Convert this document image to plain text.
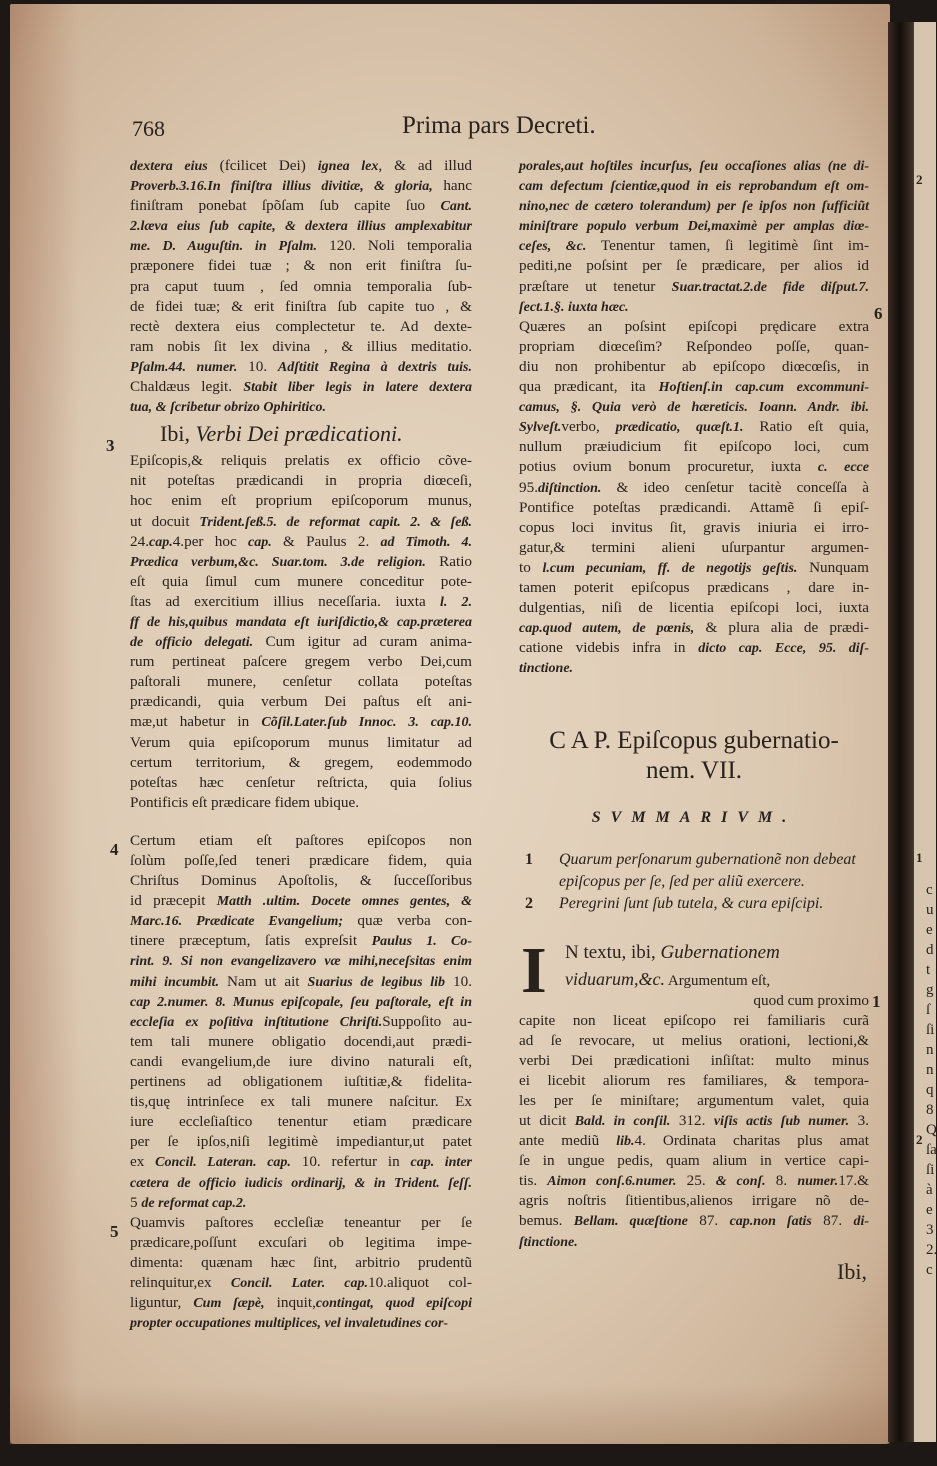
768	Prima pars Decreti.
dextera eius (fcilicet Dei) ignea lex, & ad illud
Proverb.3.16.In finiſtra illius divitiæ, & gloria, hanc
finiſtram ponebat ſpõſam ſub capite ſuo Cant.
2.læva eius ſub capite, & dextera illius amplexabitur
me. D. Auguſtin. in Pſalm. 120. Noli temporalia
præponere fidei tuæ ; & non erit finiſtra ſu-
pra caput tuum , ſed omnia temporalia ſub-
de fidei tuæ; & erit finiſtra ſub capite tuo , &
rectè dextera eius complectetur te. Ad dexte-
ram nobis ſit lex divina , & illius meditatio.
Pſalm.44. numer. 10. Adſtitit Regina à dextris tuis.
Chaldæus legit. Stabit liber legis in latere dextera
tua, & ſcribetur obrizo Ophiritico.
Ibi, Verbi Dei prædicationi.
Epiſcopis,& reliquis prelatis ex officio cõve-
nit poteſtas prædicandi in propria diœceſi,
hoc enim eſt proprium epiſcoporum munus,
ut docuit Trident.ſeß.5. de reformat capit. 2. & ſeß.
24.cap.4.per hoc cap. & Paulus 2. ad Timoth. 4.
Prædica verbum,&c. Suar.tom. 3.de religion. Ratio
eſt quia ſimul cum munere conceditur pote-
ſtas ad exercitium illius neceſſaria. iuxta l. 2.
ff de his,quibus mandata eſt iuriſdictio,& cap.præterea
de officio delegati. Cum igitur ad curam anima-
rum pertineat paſcere gregem verbo Dei,cum
paſtorali munere, cenſetur collata poteſtas
prædicandi, quia verbum Dei paſtus eſt ani-
mæ,ut habetur in Cõſil.Later.ſub Innoc. 3. cap.10.
Verum quia epiſcoporum munus limitatur ad
certum territorium, & gregem, eodemmodo
poteſtas hæc cenſetur reſtricta, quia ſolius
Pontificis eſt prædicare fidem ubique.
Certum etiam eſt paſtores epiſcopos non
ſolùm poſſe,ſed teneri prædicare fidem, quia
Chriſtus Dominus Apoſtolis, & ſucceſſoribus
id præcepit Matth .ultim. Docete omnes gentes, &
Marc.16. Prædicate Evangelium; quæ verba con-
tinere præceptum, ſatis expreſsit Paulus 1. Co-
rint. 9. Si non evangelizavero væ mihi,neceſsitas enim
mihi incumbit. Nam ut ait Suarius de legibus lib 10.
cap 2.numer. 8. Munus epiſcopale, ſeu paſtorale, eſt in
eccleſia ex poſitiva inſtitutione Chriſti.Suppoſito au-
tem tali munere obligatio docendi,aut prædi-
candi evangelium,de iure divino naturali eſt,
pertinens ad obligationem iuſtitiæ,& fidelita-
tis,quę intrinſece ex tali munere naſcitur. Ex
iure eccleſiaſtico tenentur etiam prædicare
per ſe ipſos,niſi legitimè impediantur,ut patet
ex Concil. Lateran. cap. 10. refertur in cap. inter
cætera de officio iudicis ordinarij, & in Trident. ſeſſ.
5 de reformat cap.2.
Quamvis paſtores eccleſiæ teneantur per ſe
prædicare,poſſunt excuſari ob legitima impe-
dimenta: quænam hæc ſint, arbitrio prudentũ
relinquitur,ex Concil. Later. cap.10.aliquot col-
liguntur, Cum ſæpè, inquit,contingat, quod epiſcopi
propter occupationes multiplices, vel invaletudines cor-
3
4
5
6
1
porales,aut hoſtiles incurſus, ſeu occaſiones alias (ne di-
cam defectum ſcientiæ,quod in eis reprobandum eſt om-
nino,nec de cætero tolerandum) per ſe ipſos non ſufficiũt
miniſtrare populo verbum Dei,maximè per amplas diœ-
ceſes, &c. Tenentur tamen, ſi legitimè ſint im-
pediti,ne poſsint per ſe prædicare, per alios id
præſtare ut tenetur Suar.tractat.2.de fide diſput.7.
ſect.1.§. iuxta hæc.
Quæres an poſsint epiſcopi prędicare extra
propriam diœceſim? Reſpondeo poſſe, quan-
diu non prohibentur ab epiſcopo diœcœſis, in
qua prædicant, ita Hoſtienſ.in cap.cum excommuni-
camus, §. Quia verò de hæreticis. Ioann. Andr. ibi.
Sylveſt.verbo, prædicatio, quæſt.1. Ratio eſt quia,
nullum præiudicium fit epiſcopo loci, cum
potius ovium bonum procuretur, iuxta c. ecce
95.diſtinction. & ideo cenſetur tacitè conceſſa à
Pontifice poteſtas prædicandi. Attamẽ ſi epiſ-
copus loci invitus ſit, gravis iniuria ei irro-
gatur,& termini alieni uſurpantur argumen-
to l.cum pecuniam, ff. de negotijs geſtis. Nunquam
tamen poterit epiſcopus prædicans , dare in-
dulgentias, niſi de licentia epiſcopi loci, iuxta
cap.quod autem, de pœnis, & plura alia de prædi-
catione videbis infra in dicto cap. Ecce, 95. diſ-
tinctione.
C A P. Epiſcopus gubernatio-
nem. VII.
SVMMARIVM.
1 Quarum perſonarum gubernationẽ non debeat epiſcopus per ſe, ſed per aliũ exercere.
2 Peregrini ſunt ſub tutela, & cura epiſcipi.
I N textu, ibi, Gubernationem
viduarum,&c. Argumentum eſt,
quod cum proximo
capite non liceat epiſcopo rei familiaris curã
ad ſe revocare, ut melius orationi, lectioni,&
verbi Dei prædicationi inſiſtat: multo minus
ei licebit aliorum res familiares, & tempora-
les per ſe miniſtare; argumentum valet, quia
ut dicit Bald. in conſil. 312. viſis actis ſub numer. 3.
ante mediũ lib.4. Ordinata charitas plus amat
ſe in ungue pedis, quam alium in vertice capi-
tis. Aimon conſ.6.numer. 25. & conſ. 8. numer.17.&
agris noſtris ſitientibus,alienos irrigare nõ de-
bemus. Bellam. quæſtione 87. cap.non ſatis 87. di-
ſtinctione.
Ibi,
2
1
2
c
u
e
d
t
g
ſ
ſi
n
n
q
8
Q
ſa
ſi
à
e
3
2.
c
